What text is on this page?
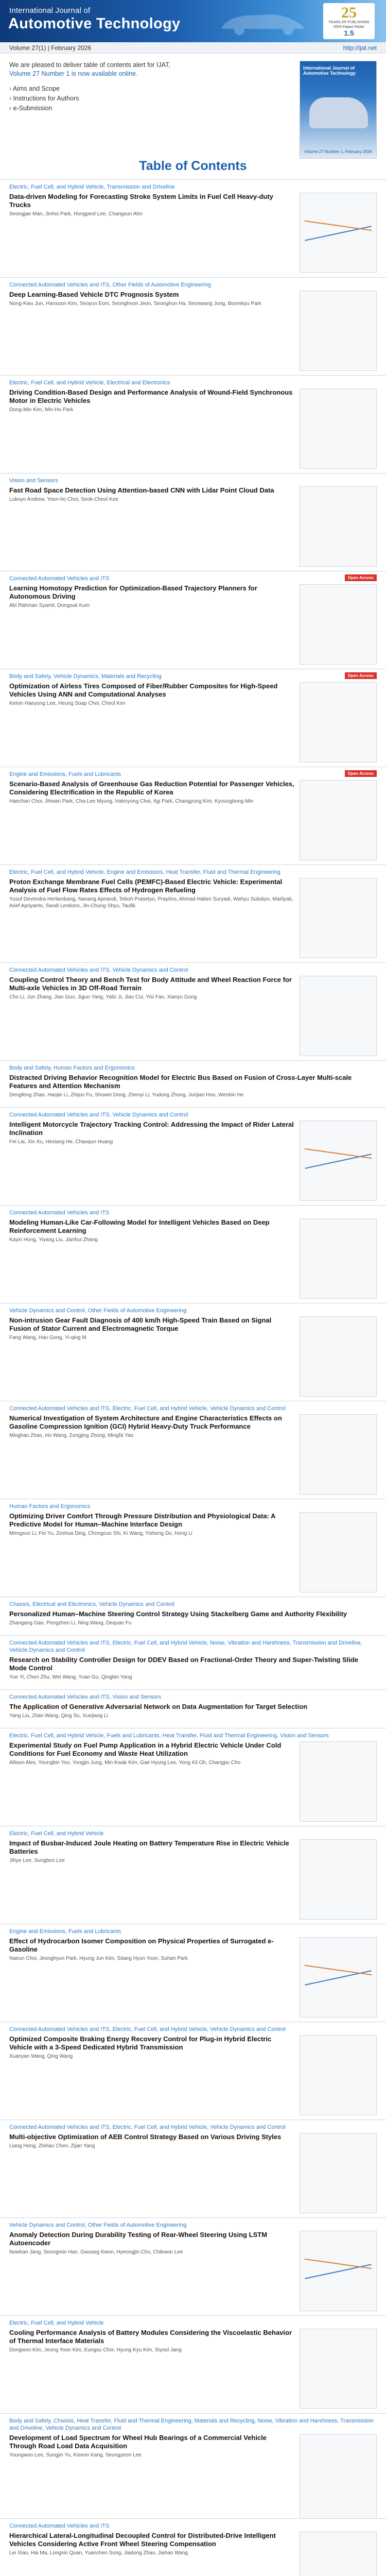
International Journal of
Automotive Technology
25
YEARS OF PUBLISHING
2024 Impact Factor
1.5
Volume 27(1) | February 2026	http://ijat.net
We are pleased to deliver table of contents alert for IJAT,
Volume 27 Number 1 is now available online.
› Aims and Scope
› Instructions for Authors
› e-Submission
International Journal of Automotive Technology
Volume 27 Number 1, February 2026
Table of Contents
Electric, Fuel Cell, and Hybrid Vehicle, Transmission and Driveline
Data-driven Modeling for Forecasting Stroke System Limits in Fuel Cell Heavy-duty Trucks
Seongjae Man, Jinhoi Park, Hongpeol Lee, Changsun Ahn
Connected Automated Vehicles and ITS, Other Fields of Automotive Engineering
Deep Learning-Based Vehicle DTC Prognosis System
Nong-Kwu Jun, Hansoon Kim, Seoyun Eom, Seonghoon Jeon, Seonghun Ha, Seonwang Jung, Boomkyu Park
Electric, Fuel Cell, and Hybrid Vehicle, Electrical and Electronics
Driving Condition-Based Design and Performance Analysis of Wound-Field Synchronous Motor in Electric Vehicles
Dong-Min Kim, Min-Ho Park
Vision and Sensors
Fast Road Space Detection Using Attention-based CNN with Lidar Point Cloud Data
Lukoyo Andrew, Yoon-ho Choi, Seok-Cheol Kee
Connected Automated Vehicles and ITS
Learning Homotopy Prediction for Optimization-Based Trajectory Planners for Autonomous Driving
Abi Rahman Syamil, Dongsuk Kum
Open Access
Body and Safety, Vehicle Dynamics, Materials and Recycling
Optimization of Airless Tires Composed of Fiber/Rubber Composites for High-Speed Vehicles Using ANN and Computational Analyses
Kelvin Haeyong Lee, Heung Soap Choi, Cheol Kim
Open Access
Engine and Emissions, Fuels and Lubricants
Scenario-Based Analysis of Greenhouse Gas Reduction Potential for Passenger Vehicles, Considering Electrification in the Republic of Korea
Haechan Choi, Jihwan Park, Cha-Lee Myung, Hahnyong Choi, Itgi Park, Changyong Kim, Kyoungbong Min
Open Access
Electric, Fuel Cell, and Hybrid Vehicle, Engine and Emissions, Heat Transfer, Fluid and Thermal Engineering
Proton Exchange Membrane Fuel Cells (PEMFC)-Based Electric Vehicle: Experimental Analysis of Fuel Flow Rates Effects of Hydrogen Refueling
Yusuf Devendra Herlambang, Nanang Apriandi, Teboh Prasetyo, Prayitno, Ahmad Hakim Suryadi, Wahyu Sulistiyo, Marliyati, Arief Apriyanto, Sandi Lestiono, Jin-Chung Shyu, Taufik
Connected Automated Vehicles and ITS, Vehicle Dynamics and Control
Coupling Control Theory and Bench Test for Body Attitude and Wheel Reaction Force for Multi-axle Vehicles in 3D Off-Road Terrain
Cho Li, Jun Zhang, Jian Guo, Jiguo Yang, Yaliz Ji, Jiao Cui, Yisi Fan, Xianyu Gong
Body and Safety, Human Factors and Ergonomics
Distracted Driving Behavior Recognition Model for Electric Bus Based on Fusion of Cross-Layer Multi-scale Features and Attention Mechanism
Dengfeng Zhao, Haojie Li, Zhijun Fu, Shuwei Dong, Zhenyi Li, Yudong Zhong, Junjian Hou, Wenbin He
Connected Automated Vehicles and ITS, Vehicle Dynamics and Control
Intelligent Motorcycle Trajectory Tracking Control: Addressing the Impact of Rider Lateral Inclination
Fei Lai, Xin Xu, Hexiang He, Chaoqun Huang
Connected Automated Vehicles and ITS
Modeling Human-Like Car-Following Model for Intelligent Vehicles Based on Deep Reinforcement Learning
Kayin Hong, Yiyang Liu, Jianhui Zhang
Vehicle Dynamics and Control, Other Fields of Automotive Engineering
Non-intrusion Gear Fault Diagnosis of 400 km/h High-Speed Train Based on Signal Fusion of Stator Current and Electromagnetic Torque
Fang Wang, Hao Gong, Yi-qing M
Connected Automated Vehicles and ITS, Electric, Fuel Cell, and Hybrid Vehicle, Vehicle Dynamics and Control
Numerical Investigation of System Architecture and Engine Characteristics Effects on Gasoline Compression Ignition (GCI) Hybrid Heavy-Duty Truck Performance
Minghao Zhao, Ho Wang, Zongjing Zhong, Mingfa Yao
Human Factors and Ergonomics
Optimizing Driver Comfort Through Pressure Distribution and Physiological Data: A Predictive Model for Human–Machine Interface Design
Mengsuo Li, Fei Yu, Zeshua Ding, Chongcuo Shi, Ki Wang, Yisheng Du, Hong Li
Chassis, Electrical and Electronics, Vehicle Dynamics and Control
Personalized Human–Machine Steering Control Strategy Using Stackelberg Game and Authority Flexibility
Zhangang Gao, Pengzhen Li, Ning Wang, Dequan Fu
Connected Automated Vehicles and ITS, Electric, Fuel Cell, and Hybrid Vehicle, Noise, Vibration and Harshness, Transmission and Driveline, Vehicle Dynamics and Control
Research on Stability Controller Design for DDEV Based on Fractional-Order Theory and Super-Twisting Slide Mode Control
Yue Yi, Chen Zhu, Wei Wang, Yuan Gu, Qingbin Yang
Connected Automated Vehicles and ITS, Vision and Sensors
The Application of Generative Adversarial Network on Data Augmentation for Target Selection
Yang Liu, Zitan Wang, Qing Su, Xuejiang Li
Electric, Fuel Cell, and Hybrid Vehicle, Fuels and Lubricants, Heat Transfer, Fluid and Thermal Engineering, Vision and Sensors
Experimental Study on Fuel Pump Application in a Hybrid Electric Vehicle Under Cold Conditions for Fuel Economy and Waste Heat Utilization
Allison Alex, Youngbin Yoo, Yongjin Jung, Min Kwak Kim, Gae Hyung Lee, Yong Kil Oh, Changpu Cho
Electric, Fuel Cell, and Hybrid Vehicle
Impact of Busbar-Induced Joule Heating on Battery Temperature Rise in Electric Vehicle Batteries
Jihye Lee, Sungboo Lee
Engine and Emissions, Fuels and Lubricants
Effect of Hydrocarbon Isomer Composition on Physical Properties of Surrogated e-Gasoline
Naeun Choi, Jeonghyun Park, Hyung Jun Kim, Sitaeg Hyun Yoon, Suhan Park
Connected Automated Vehicles and ITS, Electric, Fuel Cell, and Hybrid Vehicle, Vehicle Dynamics and Control
Optimized Composite Braking Energy Recovery Control for Plug-in Hybrid Electric Vehicle with a 3-Speed Dedicated Hybrid Transmission
Xuanyan Wang, Qing Wang
Connected Automated Vehicles and ITS, Electric, Fuel Cell, and Hybrid Vehicle, Vehicle Dynamics and Control
Multi-objective Optimization of AEB Control Strategy Based on Various Driving Styles
Liang Hong, Zhihao Chen, Zijan Yang
Vehicle Dynamics and Control, Other Fields of Automotive Engineering
Anomaly Detection During Durability Testing of Rear-Wheel Steering Using LSTM Autoencoder
Nowhan Jang, Seongmin Han, Gwuseg Kwon, Hyeongjin Cho, Chikwon Lee
Electric, Fuel Cell, and Hybrid Vehicle
Cooling Performance Analysis of Battery Modules Considering the Viscoelastic Behavior of Thermal Interface Materials
Dongwoo Kim, Jeong Yoon Kim, Eungsu Choi, Hyung Kyu Kim, Siyoul Jang
Body and Safety, Chassis, Heat Transfer, Fluid and Thermal Engineering, Materials and Recycling, Noise, Vibration and Harshness, Transmission and Driveline, Vehicle Dynamics and Control
Development of Load Spectrum for Wheel Hub Bearings of a Commercial Vehicle Through Road Load Data Acquisition
Youngwoo Lee, Sungjin Yu, Kiseon Kang, Seungyeon Lee
Connected Automated Vehicles and ITS
Hierarchical Lateral-Longitudinal Decoupled Control for Distributed-Drive Intelligent Vehicles Considering Active Front Wheel Steering Compensation
Lei Xiao, Hai Ma, Longxin Quan, Yuanchen Song, Jiadong Zhao, Jiahao Wang
